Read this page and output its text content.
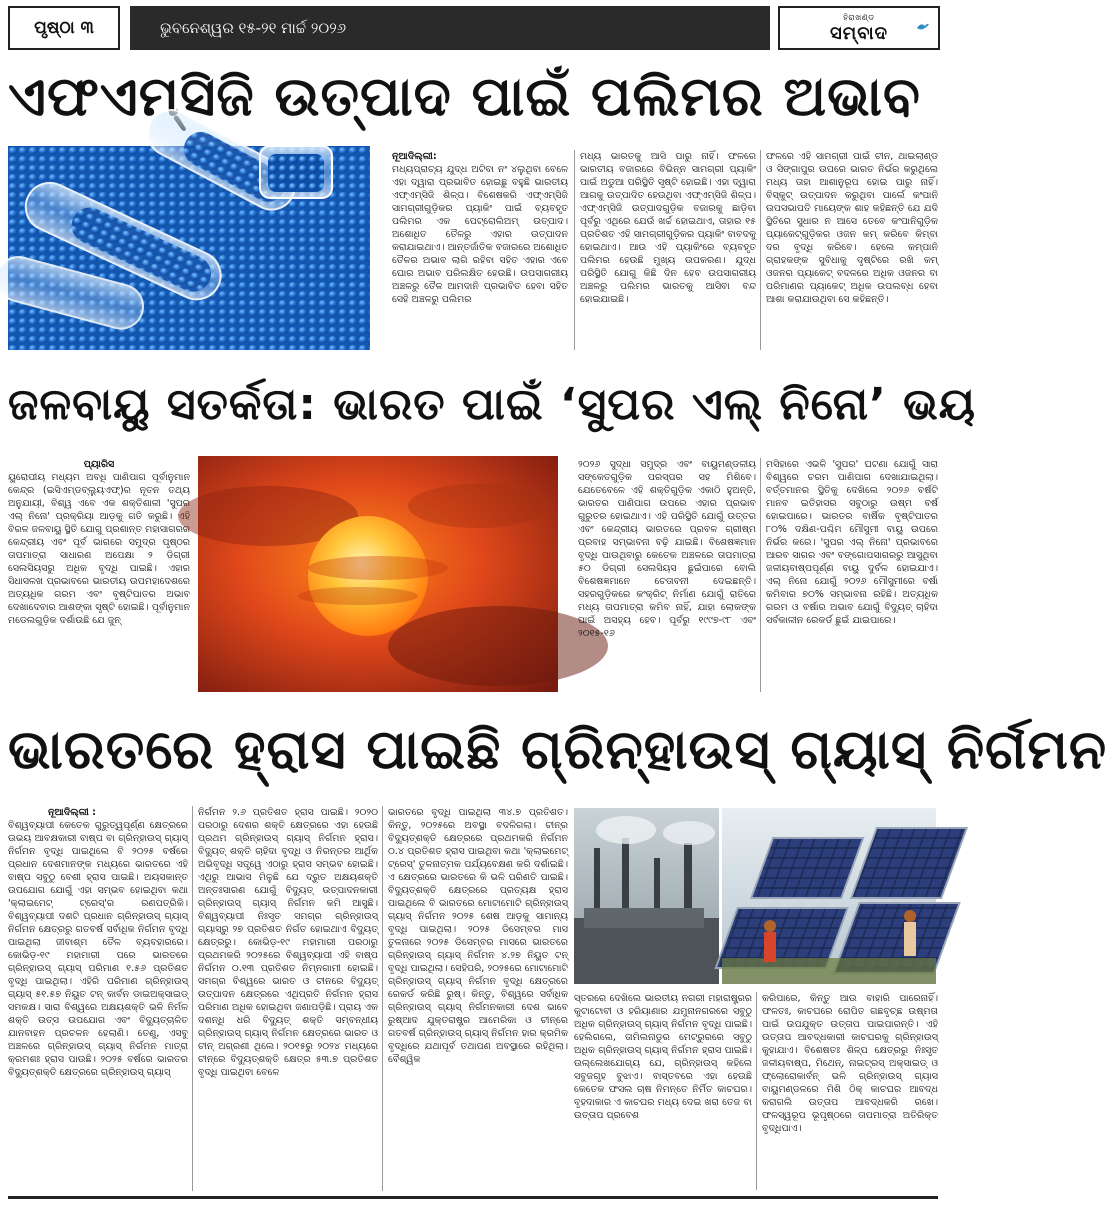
ପୃଷ୍ଠା ୩	ଭୁବନେଶ୍ୱର ୧୫-୨୧ ମାର୍ଚ୍ଚ ୨୦୨୬
ହିରାଖଣ୍ଡ
ସମ୍ବାଦ
ଏଫଏମ୍‌ସିଜି ଉତ୍ପାଦ ପାଇଁ ପଲିମର ଅଭାବ
ନୂଆଦିଲ୍ଲୀ:
ମଧ୍ୟପ୍ରାଚ୍ୟ ଯୁଦ୍ଧ ଅଟିବା ନଂ ୪ଲୁଥିବା ବେଳେ ଏହା ଦ୍ୱାରା ପ୍ରଭାବିତ ହୋଇଛୁ ବହୁଛି ଭାରତୀୟ ଏଫ୍‌ଏମ୍‌ସିଜି ଶିଳ୍ପ। ବିଶେଷକରି ଏଫ୍‌ଏମ୍‌ସିଜି ସାମଗ୍ରୀଗୁଡ଼ିକର ପ୍ୟାକିଂ ପାଇଁ ବ୍ୟବହୃତ ପଲିମର ଏକ ପେଟ୍ରୋଲିଅମ୍ ଉତ୍ପାଦ। ଅଶୋଧିତ ତୈଳରୁ ଏହାର ଉତ୍ପାଦନ କରାଯାଇଥାଏ। ଆନ୍ତର୍ଜାତିକ ବଜାରରେ ଅଶୋଧିତ ତୈଳର ଅଭାବ ଲାଗି ରହିବା ସହିତ ଏହାର ଏବେ ଘୋର ଅଭାବ ପରିଲକ୍ଷିତ ହେଉଛି। ଉପସାଗରୀୟ ଅଞ୍ଚଳରୁ ତୈଳ ଆମଦାନି ପ୍ରଭାବିତ ହେବା ସହିତ ସେହି ଅଞ୍ଚଳରୁ ପଲିମର
ମଧ୍ୟ ଭାରତକୁ ଆସି ପାରୁ ନାହିଁ। ଫଳରେ ଭାରତୀୟ ବଜାରରେ ବିଭିନ୍ନ ସାମଗ୍ରୀ ପ୍ୟାକିଂ ପାଇଁ ଅଡୁଆ ପରିସ୍ଥିତି ସୃଷ୍ଟି ହୋଇଛି। ଏହା ଦ୍ୱାରା ଆଗକୁ ଉତ୍ପାଦିତ ହେଉଥିବା ଏଫ୍‌ଏମ୍‌ସିଜି ଶିଳ୍ପ। ଏଫ୍‌ଏମ୍‌ସିଜି ଉତ୍ପାଦଗୁଡ଼ିକ ବଜାରକୁ ଛାଡ଼ିବା ପୂର୍ବରୁ ଏଥିରେ ଯେଉଁ ଖର୍ଚ୍ଚ ହୋଇଥାଏ, ତାହାର ୧୫ ପ୍ରତିଶତ ଏହି ସାମଗ୍ରୀଗୁଡ଼ିକର ପ୍ୟାକିଂ ବାବଦକୁ ହୋଇଥାଏ। ଆଉ ଏହି ପ୍ୟାକିଂରେ ବ୍ୟବହୃତ ପଲିମର ହେଉଛି ମୁଖ୍ୟ ଉପକରଣ। ଯୁଦ୍ଧ ପରିସ୍ଥିତି ଯୋଗୁ କିଛି ଦିନ ହେବ ଉପସାଗରୀୟ ଅଞ୍ଚଳରୁ ପଲିମର ଭାରତକୁ ଆସିବା ବନ୍ଦ ହୋଇଯାଇଛି।
ଫଳରେ ଏହି ସାମଗ୍ରୀ ପାଇଁ ଚୀନ, ଥାଇଲାଣ୍ଡ ଓ ସିଙ୍ଗାପୁର ଉପରେ ଭାରତ ନିର୍ଭର କରୁଥିଲେ ମଧ୍ୟ ତାହା ଆଶାନୁରୂପ ହୋଇ ପାରୁ ନାହିଁ। ବିସ୍କୁଟ୍ ଉତ୍ପାଦନ କରୁଥିବା ପାର୍ଲେ କଂପାନି ଉପସଭାପତି ମାୟେଙ୍କ ଶାହ କହିଛନ୍ତି ଯେ ଯଦି ସ୍ଥିତିରେ ସୁଧାର ନ ଆସେ ତେବେ କଂପାନିଗୁଡ଼ିକ ପ୍ୟାକେଟ୍‌ଗୁଡ଼ିକର ଓଜନ କମ୍ କରିବେ କିମ୍ବା ଦର ବୃଦ୍ଧି କରିବେ। ହେଲେ କମ୍ପାନି ଗ୍ରାହକଙ୍କ ସୁବିଧାକୁ ଦୃଷ୍ଟିରେ ରଖି କମ୍ ଓଜନର ପ୍ୟାକେଟ୍ ବଦଳରେ ଅଧିକ ଓଜନର ବା ପରିମାଣର ପ୍ୟାକେଟ୍ ଅଧିକ ଉପଲବ୍ଧ ହେବା ଆଶା କରାଯାଉଥିବା ସେ କହିଛନ୍ତି।
ଜଳବାୟୁ ସତର୍କତା: ଭାରତ ପାଇଁ ‘ସୁପର ଏଲ୍ ନିନୋ’ ଭୟ
ପ୍ୟାରିସ
ୟୁରୋପୀୟ ମଧ୍ୟମ ଅବଧି ପାଣିପାଗ ପୂର୍ବାନୁମାନ କେନ୍ଦ୍ର (ଇସିଏମ୍‌ଡବ୍ଲ୍ୟୁଏଫ୍)ର ନୂତନ ତଥ୍ୟ ଅନୁଯାୟୀ, ବିଶ୍ୱ ଏବେ ଏକ ଶକ୍ତିଶାଳୀ 'ସୁପର ଏଲ୍ ନିନୋ' ପ୍ରକ୍ରିୟା ଆଡ଼କୁ ଗତି କରୁଛି। ଏହି ବିରଳ ଜଳବାୟୁ ସ୍ଥିତି ଯୋଗୁ ପ୍ରଶାନ୍ତ ମହାସାଗରର କେନ୍ଦ୍ରୀୟ ଏବଂ ପୂର୍ବ ଭାଗରେ ସମୁଦ୍ର ପୃଷ୍ଠର ତାପମାତ୍ରା ସାଧାରଣ ଅପେକ୍ଷା ୨ ଡିଗ୍ରୀ ସେଲସିୟସରୁ ଅଧିକ ବୃଦ୍ଧି ପାଇଛି। ଏହାର ସିଧାସଳଖ ପ୍ରଭାବରେ ଭାରତୀୟ ଉପମହାଦେଶରେ ଅତ୍ୟଧିକ ଗରମ ଏବଂ ବୃଷ୍ଟିପାତର ଅଭାବ ଦେଖାଦେବାର ଆଶଙ୍କା ସୃଷ୍ଟି ହୋଇଛି। ପୂର୍ବାନୁମାନ ମଡେଲଗୁଡ଼ିକ ଦର୍ଶାଉଛି ଯେ ଜୁନ୍
୨୦୨୬ ସୁଦ୍ଧା ସମୁଦ୍ର ଏବଂ ବାୟୁମଣ୍ଡଳୀୟ ସଙ୍କେତଗୁଡ଼ିକ ପରସ୍ପର ସହ ମିଶିବେ। ଯେତେବେଳେ ଏହି ଶକ୍ତିଗୁଡ଼ିକ ଏକାଠି ହୁଅନ୍ତି, ଭାରତର ପାଣିପାଗ ଉପରେ ଏହାର ପ୍ରଭାବ ଗୁରୁତର ହୋଇଥାଏ। ଏହି ପରିସ୍ଥିତି ଯୋଗୁଁ ଉତ୍ତର ଏବଂ କେନ୍ଦ୍ରୀୟ ଭାରତରେ ପ୍ରବଳ ଗ୍ରୀଷ୍ମ ପ୍ରବାହ ସମ୍ଭାବନା ବଢ଼ି ଯାଇଛି। ବିଶେଷଜ୍ଞମାନ ବୃଦ୍ଧି ପାଉଥିବାରୁ କେତେକ ଅଞ୍ଚଳରେ ତାପମାତ୍ରା ୫୦ ଡିଗ୍ରୀ ସେଲସିୟସ ଛୁଇଁପାରେ ବୋଲି ବିଶେଷଜ୍ଞମାନେ ଚେତାବନୀ ଦେଇଛନ୍ତି। ସହରଗୁଡ଼ିକରେ କଂକ୍ରିଟ୍ ନିର୍ମାଣ ଯୋଗୁଁ ରାତିରେ ମଧ୍ୟ ତାପମାତ୍ରା କମିବ ନାହିଁ, ଯାହା ଲୋକଙ୍କ ପାଇଁ ଅସହ୍ୟ ହେବ। ପୂର୍ବରୁ ୧୯୯୭-୯୮ ଏବଂ ୨୦୧୫-୧୬
ମସିହାରେ ଏଭଳି 'ସୁପର' ଘଟଣା ଯୋଗୁଁ ସାରା ବିଶ୍ୱରେ ଚରମ ପାଣିପାଗ ଦେଖାଯାଇଥିଲା। ବର୍ତ୍ତମାନର ସ୍ଥିତିକୁ ଦେଖିଲେ ୨୦୨୬ ବର୍ଷଟି ମାନବ ଇତିହାସର ସବୁଠାରୁ ଉଷ୍ମ ବର୍ଷ ହୋଇପାରେ। ଭାରତର ବାର୍ଷିକ ବୃଷ୍ଟିପାତର ୮୦% ଦକ୍ଷିଣ-ପଶ୍ଚିମ ମୌସୁମୀ ବାୟୁ ଉପରେ ନିର୍ଭର କରେ। 'ସୁପର ଏଲ୍ ନିନୋ' ପ୍ରଭାବରେ ଆରବ ସାଗର ଏବଂ ବଙ୍ଗୋପସାଗରରୁ ଆସୁଥିବା ଜଳୀୟବାଷ୍ପପୂର୍ଣ୍ଣ ବାୟୁ ଦୁର୍ବଳ ହୋଇଯାଏ। ଏଲ୍ ନିନୋ ଯୋଗୁଁ ୨୦୨୬ ମୌସୁମୀରେ ବର୍ଷା କମିବାର ୭୦% ସମ୍ଭାବନା ରହିଛି। ଅତ୍ୟଧିକ ଗରମ ଓ ବର୍ଷାର ଅଭାବ ଯୋଗୁଁ ବିଦ୍ୟୁତ୍ ଚାହିଦା ସର୍ବକାଳୀନ ରେକର୍ଡ ଛୁଇଁ ଯାଇପାରେ।
ଭାରତରେ ହ୍ରାସ ପାଇଛି ଗ୍ରିନ୍‌ହାଉସ୍ ଗ୍ୟାସ୍ ନିର୍ଗମନ
ନୂଆଦିଲ୍ଲୀ :
ବିଶ୍ୱବ୍ୟାପୀ କେତେକ ଗୁରୁତ୍ୱପୂର୍ଣ୍ଣ କ୍ଷେତ୍ରରେ ଉଭୟ ଆବକ୍ଷକାରୀ ବାଷ୍ପ ବା ଗ୍ରିନ୍‌ହାଉସ୍ ଗ୍ୟାସ୍ ନିର୍ଗମନ ବୃଦ୍ଧି ପାଇଥିଲେ ବି ୨୦୨୫ ବର୍ଷରେ ପ୍ରଧାନ ଦେଶମାନଙ୍କ ମଧ୍ୟରେ ଭାରତରେ ଏହି ବାଷ୍ପ ସବୁଠୁ ବେଶୀ ହ୍ରାସ ପାଇଛି। ଅୟସକାନ୍ତ ଉପଯୋଗ ଯୋଗୁଁ ଏହା ସମ୍ଭବ ହୋଇଥିବା କଥା 'କ୍ଲାଇମେଟ୍ ଟ୍ରେସ୍'ର ରଣପତ୍ରିକି। ବିଶ୍ୱବ୍ୟାପୀ ଦଶଟି ପ୍ରଧାନ ଗ୍ରିନ୍‌ହାଉସ୍ ଗ୍ୟାସ୍ ନିର୍ଗମନ କ୍ଷେତ୍ରରୁ ଗତବର୍ଷ ସର୍ବାଧିକ ନିର୍ଗମନ ବୃଦ୍ଧି ପାଇଥିଲା ଜୀବାଶ୍ମ ତୈଳ ବ୍ୟବହାରରେ। କୋଭିଡ଼-୧୯ ମହାମାରୀ ପରେ ଭାରତରେ ଗ୍ରିନ୍‌ହାଉସ୍ ଗ୍ୟାସ୍ ପରିମାଣ ୧.୫୬ ପ୍ରତିଶତ ବୃଦ୍ଧି ପାଇଥିଲା। ଏହିରି ପରିମାଣ ଗ୍ରିନ୍‌ହାଉସ୍ ଗ୍ୟାସ୍ ୫୧.୫୭ ନିୟୁତ ଟନ୍ କାର୍ବନ ଡାଇଅକ୍ସାଇଡ୍ ସମକକ୍ଷ। ସାରା ବିଶ୍ୱରେ ଅକ୍ଷୟଶକ୍ତି ଭଳି ନିର୍ମଳ ଶକ୍ତି ଉତ୍ସ ଉପଯୋଗ ଏବଂ ବିଦ୍ୟୁତ୍‌ଚାଳିତ ଯାନବାହନ ପ୍ରଚଳନ ହେଲାଣି। ତେଣୁ, ଏସବୁ ଅଞ୍ଚଳରେ ଗ୍ରିନ୍‌ହାଉସ୍ ଗ୍ୟାସ୍ ନିର୍ଗମନ ମାତ୍ରା କ୍ରମଶଃ ହ୍ରାସ ପାଉଛି। ୨୦୨୫ ବର୍ଷରେ ଭାରତର ବିଦ୍ୟୁତ୍‌ଶକ୍ତି କ୍ଷେତ୍ରରେ ଗ୍ରିନ୍‌ହାଉସ୍ ଗ୍ୟାସ୍
ନିର୍ଗମନ ୨.୬ ପ୍ରତିଶତ ହ୍ରାସ ପାଇଛି। ୨୦୨୦ ପରଠାରୁ ଦେଶର ଶକ୍ତି କ୍ଷେତ୍ରରେ ଏହା ହେଉଛି ପ୍ରଥମ ଗ୍ରିନ୍‌ହାଉସ୍ ଗ୍ୟାସ୍ ନିର୍ଗମନ ହ୍ରାସ। ବିଦ୍ୟୁତ୍ ଶକ୍ତି ଚାହିଦା ବୃଦ୍ଧି ଓ ନିରନ୍ତର ଆର୍ଥିକ ଅଭିବୃଦ୍ଧି ସତ୍ତ୍ୱେ ଏଠାରୁ ହ୍ରାସ ସମ୍ଭବ ହୋଇଛି। ଏଥିରୁ ଆଭାସ ମିଳୁଛି ଯେ ଦ୍ରୁତ ଅକ୍ଷୟଶକ୍ତି ଅନ୍ତଃସାରଣ ଯୋଗୁଁ ବିଦ୍ୟୁତ୍ ଉତ୍ପାଦନକାରୀ ଗ୍ରିନ୍‌ହାଉସ୍ ଗ୍ୟାସ୍ ନିର୍ଗମନ କମି ଆସୁଛି। ବିଶ୍ୱବ୍ୟାପୀ ନିଃସୃତ ସମଗ୍ର ଗ୍ରିନ୍‌ହାଉସ୍ ଗ୍ୟାସ୍‌ରୁ ୨୭ ପ୍ରତିଶତ ନିର୍ଗତ ହୋଇଥାଏ ବିଦ୍ୟୁତ୍ କ୍ଷେତ୍ରରୁ। କୋଭିଡ଼-୧୯ ମହାମାରୀ ପରଠାରୁ ପ୍ରଥମକରି ୨୦୨୫ରେ ବିଶ୍ୱବ୍ୟାପୀ ଏହି ବାଷ୍ପ ନିର୍ଗମନ ୦.୧୩ ପ୍ରତିଶତ ନିମ୍ନଗାମୀ ହୋଇଛି। ସମଗ୍ର ବିଶ୍ୱରେ ଭାରତ ଓ ଚୀନରେ ବିଦ୍ୟୁତ୍ ଉତ୍ପାଦନ କ୍ଷେତ୍ରରେ ଏଥିପ୍ରତି ନିର୍ଗମନ ହ୍ରାସ ପରିମାଣ ଅଧିକ ହୋଇଥିବା ଜଣାପଡ଼ିଛି। ପ୍ରାୟ ଏକ ଦଶନ୍ଧି ଧରି ବିଦ୍ୟୁତ୍ ଶକ୍ତି ସମ୍ବନ୍ଧୀୟ ଗ୍ରିନ୍‌ହାଉସ୍ ଗ୍ୟାସ୍ ନିର୍ଗମନ କ୍ଷେତ୍ରରେ ଭାରତ ଓ ଚୀନ୍ ଅଗ୍ରଣୀ ଥିଲେ। ୨୦୧୫ରୁ ୨୦୨୪ ମଧ୍ୟରେ ଚୀନ୍‌ରେ ବିଦ୍ୟୁତ୍‌ଶକ୍ତି କ୍ଷେତ୍ର ୫୩.୭ ପ୍ରତିଶତ ବୃଦ୍ଧି ପାଇଥିବା ବେଳେ
ଭାରତରେ ବୃଦ୍ଧି ପାଇଥିଲା ୩୪.୭ ପ୍ରତିଶତ। କିନ୍ତୁ, ୨୦୨୫ରେ ଅବସ୍ଥା ବଦଳିଗଲା। ଚୀନ୍‌ର ବିଦ୍ୟୁତ୍‌ଶକ୍ତି କ୍ଷେତ୍ରରେ ପ୍ରଥମକରି ନିର୍ଗମନ ୦.୪ ପ୍ରତିଶତ ହ୍ରାସ ପାଇଥିବା କଥା 'କ୍ଲାଇମେଟ୍ ଟ୍ରେସ୍' ତୁଳନାତ୍ମକ ପର୍ଯ୍ୟବେକ୍ଷଣ କରି ଦର୍ଶାଇଛି। ଏ କ୍ଷେତ୍ରରେ ଭାରତରେ କି ଭଳି ପରିଣତି ପାଇଛି। ବିଦ୍ୟୁତ୍‌ଶକ୍ତି କ୍ଷେତ୍ରରେ ପ୍ରତ୍ୟକ୍ଷ ହ୍ରାସ ପାଇଥିଲେ ବି ଭାରତରେ ମୋଟାମୋଟି ଗ୍ରିନ୍‌ହାଉସ୍ ଗ୍ୟାସ୍ ନିର୍ଗମନ ୨୦୨୫ ଶେଷ ଆଡ଼କୁ ସାମାନ୍ୟ ବୃଦ୍ଧି ପାଇଥିଲା। ୨୦୨୫ ଡିସେମ୍ବର ମାସ ତୁଳନାରେ ୨୦୨୫ ଡିସେମ୍ବର ମାସରେ ଭାରତରେ ଗ୍ରିନ୍‌ହାଉସ୍ ଗ୍ୟାସ୍ ନିର୍ଗମନ ୪.୨୭ ନିୟୁତ ଟନ୍ ବୃଦ୍ଧି ପାଇଥିଲା। ସେହିପରି, ୨୦୨୫ରେ ମୋଟାମୋଟି ଗ୍ରିନ୍‌ହାଉସ୍ ଗ୍ୟାସ୍ ନିର୍ଗମନ ବୃଦ୍ଧି କ୍ଷେତ୍ରରେ ରେକର୍ଡ କରିଛି ରୁଷ୍। କିନ୍ତୁ, ବିଶ୍ୱରେ ସର୍ବାଧିକ ଗ୍ରିନ୍‌ହାଉସ୍ ଗ୍ୟାସ୍ ନିର୍ଗମନକାରୀ ଦେଶ ଭାବେ ରୁଷ୍‌ଆଦ ଯୁକ୍ତରାଷ୍ଟ୍ର ଆମେରିକା ଓ ଚୀନ୍‌ରେ ଗତବର୍ଷ ଗ୍ରିନ୍‌ହାଉସ୍ ଗ୍ୟାସ୍ ନିର୍ଗମନ ହାର କ୍ରମିକ ବୃଦ୍ଧିରେ ଯଥାପୂର୍ବ ତଥାପଣ ଅବସ୍ଥାରେ ରହିଥିଲା। ବୈଶ୍ୱିକ
ସ୍ତରରେ ଦେଖିଲେ ଭାରତୀୟ ନଗରୀ ମହାରାଷ୍ଟ୍ରର କୁଟାଟୋବୀ ଓ ହରିୟାଣାର ଯମୁନାନଗରରେ ସବୁଠୁ ଅଧିକ ଗ୍ରିନ୍‌ହାଉସ୍ ଗ୍ୟାସ୍ ନିର୍ଗମନ ବୃଦ୍ଧି ପାଇଛି। ହେଲିଗଲେ, ତାମିଲନାଡୁର ମେଟ୍ରୁରରେ ସବୁଠୁ ଅଧିକ ଗ୍ରିନ୍‌ହାଉସ୍ ଗ୍ୟାସ୍ ନିର୍ଗମନ ହ୍ରାସ ପାଇଛି। ଉଲ୍ଲେଖଯୋଗ୍ୟ ଯେ, ଗ୍ରିନ୍‌ହାଉସ୍ କହିଲେ ସବୁଜଗୃହ ବୁଝାଏ। ବାସ୍ତବରେ ଏହା ହେଉଛି କେତେକ ଫସଲ ଚାଷ ନିମନ୍ତେ ନିର୍ମିତ କାଚଘର। ବୃହଦାକାର ଏ କାଚଘର ମଧ୍ୟ ଦେଇ ଖରା ତେଜ ବା ଉତ୍ତାପ ପ୍ରବେଶ
କରିପାରେ, କିନ୍ତୁ ଆଉ ବାହାରି ପାରେନାହିଁ। ଫଳତଃ, କାଚଘରେ ରୋପିତ ଗଛବୃଚ୍ଛ ଉଷ୍ମତା ପାଇଁ ଉପଯୁକ୍ତ ଉତ୍ତାପ ପାଇପାରନ୍ତି। ଏହି ଉତ୍ତାପ ଆବଦ୍ଧକାରୀ କାଚଘରକୁ ଗ୍ରିନ୍‌ହାଉସ୍ କୁହାଯାଏ। ବିଶେଷତଃ ଶିଳ୍ପ କ୍ଷେତ୍ରରୁ ନିଃସୃତ ଜଳୀୟବାଷ୍ପ, ମିଥେନ୍, ନାଇଟ୍ରସ୍ ଅକ୍ସାଇଡ୍ ଓ ଫ୍ଲୋରୋକାର୍ବନ୍ ଭଳି ଗ୍ରିନ୍‌ହାଉସ୍ ଗ୍ୟାସ ବାୟୁମଣ୍ଡଳରେ ମିଶି ଠିକ୍ କାଚଘର ଆବଦ୍ଧ କରାଗଲି ଉତ୍ତାପ ଆବଦ୍ଧକରି ରଖେ। ଫଳସ୍ୱରୂପ ଭୂପୃଷ୍ଠରେ ତାପମାତ୍ରା ଅତିରିକ୍ତ ବୃଦ୍ଧିପାଏ।
